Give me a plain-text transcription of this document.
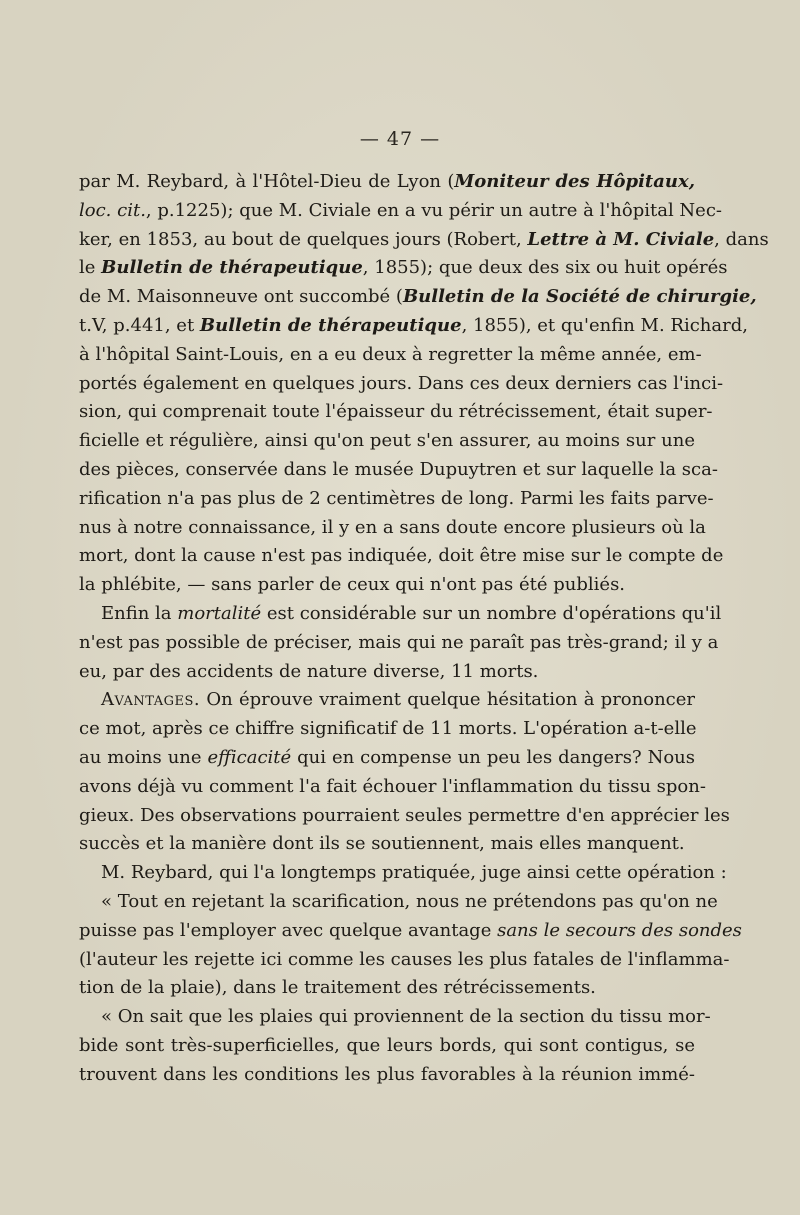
— 47 —
par M. Reybard, à l'Hôtel-Dieu de Lyon (Moniteur des Hôpitaux,
loc. cit., p.1225); que M. Civiale en a vu périr un autre à l'hôpital Nec-
ker, en 1853, au bout de quelques jours (Robert, Lettre à M. Civiale, dans
le Bulletin de thérapeutique, 1855); que deux des six ou huit opérés
de M. Maisonneuve ont succombé (Bulletin de la Société de chirurgie,
t.V, p.441, et Bulletin de thérapeutique, 1855), et qu'enfin M. Richard,
à l'hôpital Saint-Louis, en a eu deux à regretter la même année, em-
portés également en quelques jours. Dans ces deux derniers cas l'inci-
sion, qui comprenait toute l'épaisseur du rétrécissement, était super-
ficielle et régulière, ainsi qu'on peut s'en assurer, au moins sur une
des pièces, conservée dans le musée Dupuytren et sur laquelle la sca-
rification n'a pas plus de 2 centimètres de long. Parmi les faits parve-
nus à notre connaissance, il y en a sans doute encore plusieurs où la
mort, dont la cause n'est pas indiquée, doit être mise sur le compte de
la phlébite, — sans parler de ceux qui n'ont pas été publiés.
Enfin la mortalité est considérable sur un nombre d'opérations qu'il
n'est pas possible de préciser, mais qui ne paraît pas très-grand; il y a
eu, par des accidents de nature diverse, 11 morts.
Avantages. On éprouve vraiment quelque hésitation à prononcer
ce mot, après ce chiffre significatif de 11 morts. L'opération a-t-elle
au moins une efficacité qui en compense un peu les dangers? Nous
avons déjà vu comment l'a fait échouer l'inflammation du tissu spon-
gieux. Des observations pourraient seules permettre d'en apprécier les
succès et la manière dont ils se soutiennent, mais elles manquent.
M. Reybard, qui l'a longtemps pratiquée, juge ainsi cette opération :
« Tout en rejetant la scarification, nous ne prétendons pas qu'on ne
puisse pas l'employer avec quelque avantage sans le secours des sondes
(l'auteur les rejette ici comme les causes les plus fatales de l'inflamma-
tion de la plaie), dans le traitement des rétrécissements.
« On sait que les plaies qui proviennent de la section du tissu mor-
bide sont très-superficielles, que leurs bords, qui sont contigus, se
trouvent dans les conditions les plus favorables à la réunion immé-
